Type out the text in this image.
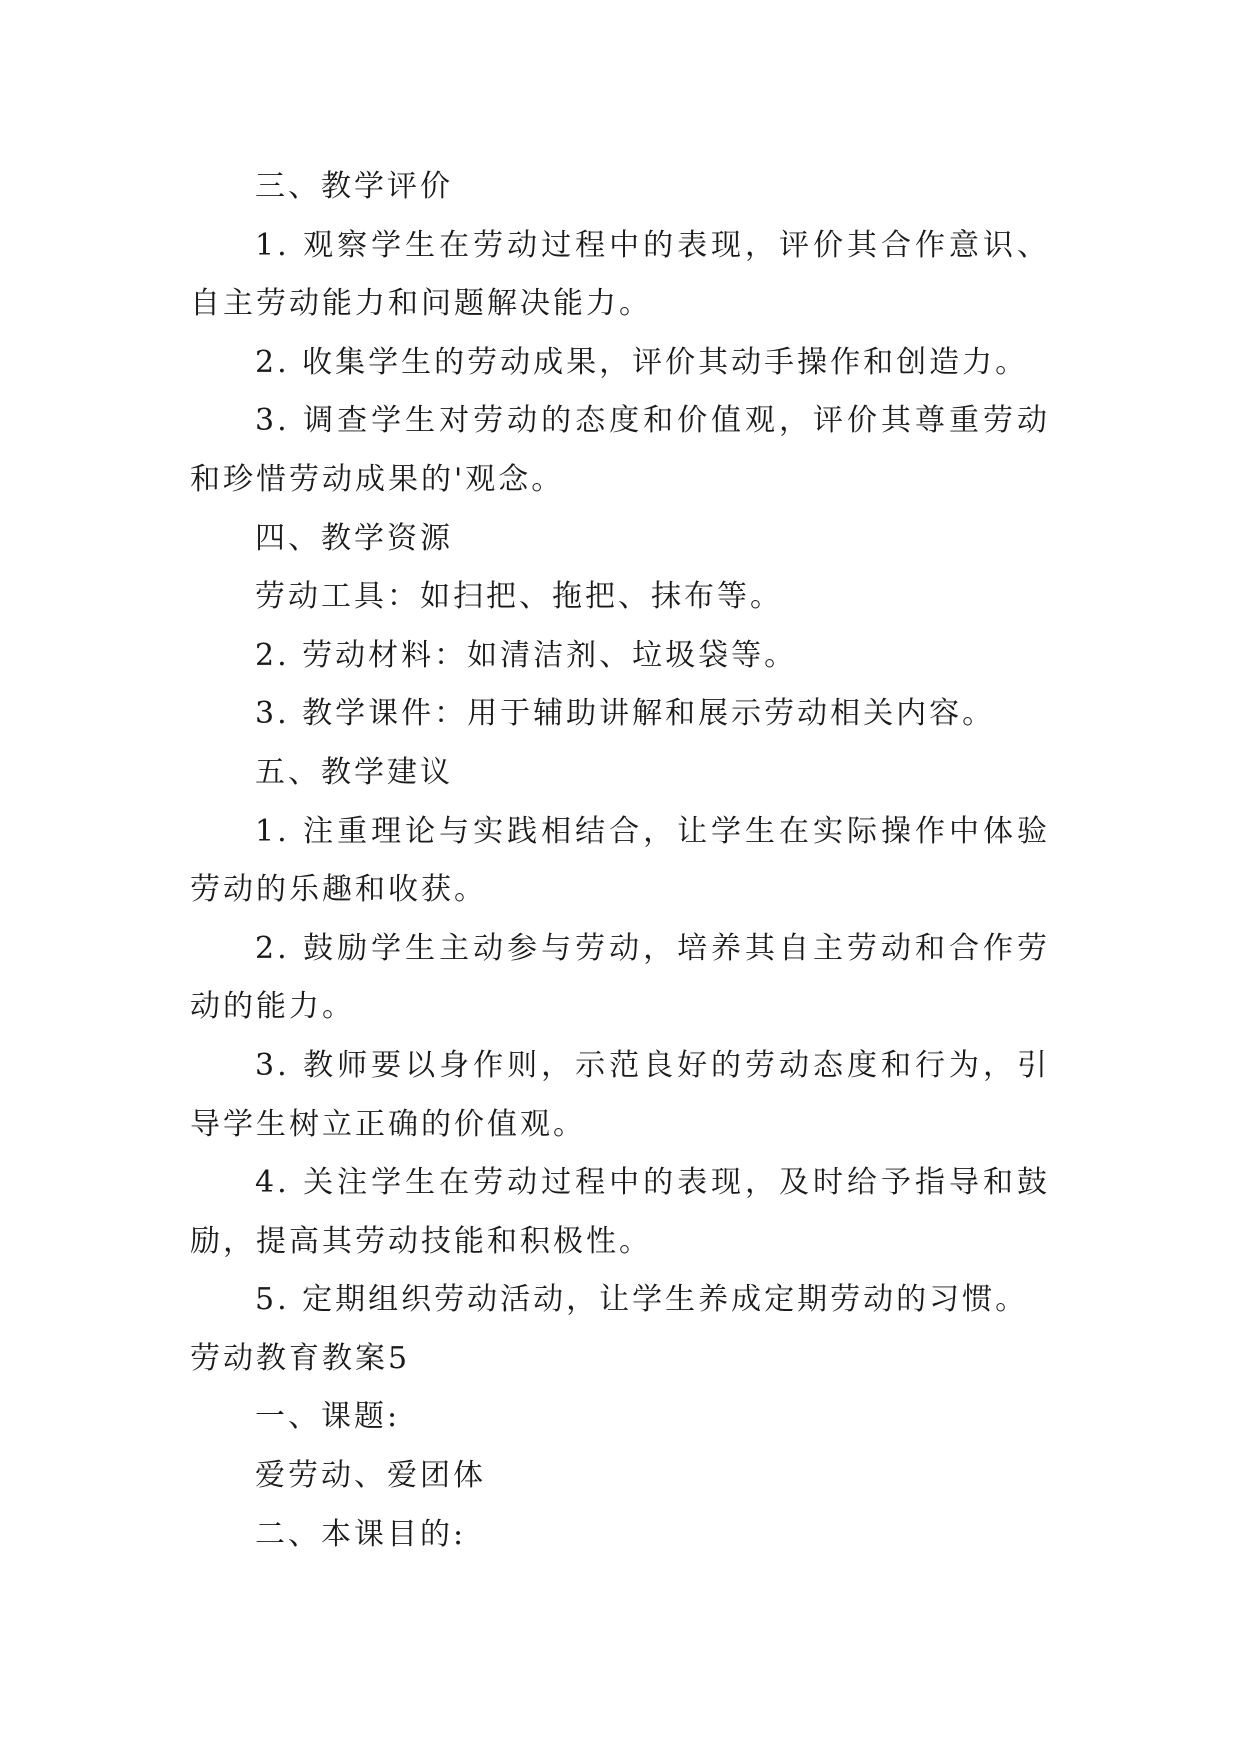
三、教学评价

1. 观察学生在劳动过程中的表现，评价其合作意识、自主劳动能力和问题解决能力。

2. 收集学生的劳动成果，评价其动手操作和创造力。

3. 调查学生对劳动的态度和价值观，评价其尊重劳动和珍惜劳动成果的'观念。

四、教学资源

劳动工具：如扫把、拖把、抹布等。

2. 劳动材料：如清洁剂、垃圾袋等。

3. 教学课件：用于辅助讲解和展示劳动相关内容。

五、教学建议

1. 注重理论与实践相结合，让学生在实际操作中体验劳动的乐趣和收获。

2. 鼓励学生主动参与劳动，培养其自主劳动和合作劳动的能力。

3. 教师要以身作则，示范良好的劳动态度和行为，引导学生树立正确的价值观。

4. 关注学生在劳动过程中的表现，及时给予指导和鼓励，提高其劳动技能和积极性。

5. 定期组织劳动活动，让学生养成定期劳动的习惯。

劳动教育教案5

一、课题:

爱劳动、爱团体

二、本课目的:
